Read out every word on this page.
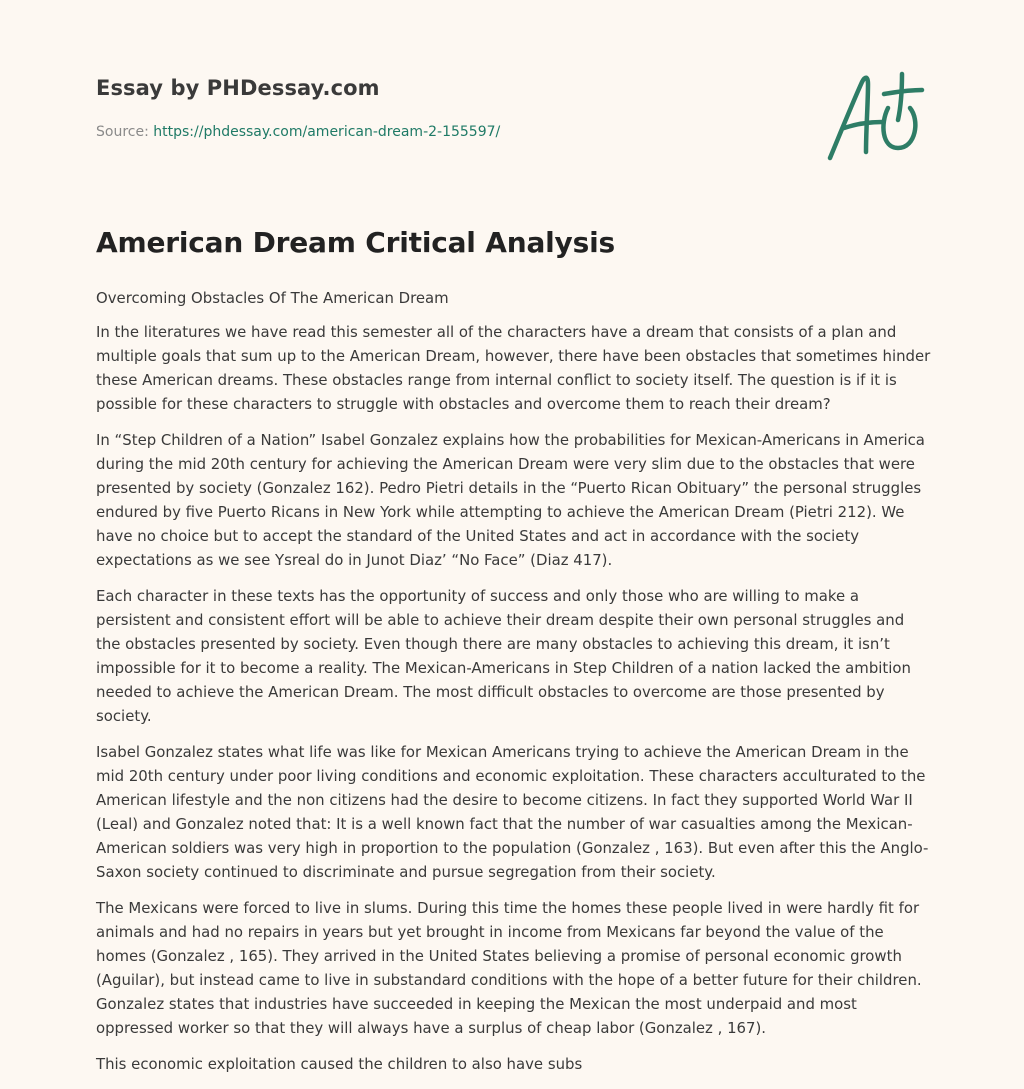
Essay by PHDessay.com
Source: https://phdessay.com/american-dream-2-155597/
American Dream Critical Analysis

Overcoming Obstacles Of The American Dream

In the literatures we have read this semester all of the characters have a dream that consists of a plan and multiple goals that sum up to the American Dream, however, there have been obstacles that sometimes hinder these American dreams. These obstacles range from internal conflict to society itself. The question is if it is possible for these characters to struggle with obstacles and overcome them to reach their dream?

In “Step Children of a Nation” Isabel Gonzalez explains how the probabilities for Mexican-Americans in America during the mid 20th century for achieving the American Dream were very slim due to the obstacles that were presented by society (Gonzalez 162). Pedro Pietri details in the “Puerto Rican Obituary” the personal struggles endured by five Puerto Ricans in New York while attempting to achieve the American Dream (Pietri 212). We have no choice but to accept the standard of the United States and act in accordance with the society expectations as we see Ysreal do in Junot Diaz’ “No Face” (Diaz 417).

Each character in these texts has the opportunity of success and only those who are willing to make a persistent and consistent effort will be able to achieve their dream despite their own personal struggles and the obstacles presented by society. Even though there are many obstacles to achieving this dream, it isn’t impossible for it to become a reality. The Mexican-Americans in Step Children of a nation lacked the ambition needed to achieve the American Dream. The most difficult obstacles to overcome are those presented by society.

Isabel Gonzalez states what life was like for Mexican Americans trying to achieve the American Dream in the mid 20th century under poor living conditions and economic exploitation. These characters acculturated to the American lifestyle and the non citizens had the desire to become citizens. In fact they supported World War II (Leal) and Gonzalez noted that: It is a well known fact that the number of war casualties among the Mexican-American soldiers was very high in proportion to the population (Gonzalez , 163). But even after this the Anglo-Saxon society continued to discriminate and pursue segregation from their society.

The Mexicans were forced to live in slums. During this time the homes these people lived in were hardly fit for animals and had no repairs in years but yet brought in income from Mexicans far beyond the value of the homes (Gonzalez , 165). They arrived in the United States believing a promise of personal economic growth (Aguilar), but instead came to live in substandard conditions with the hope of a better future for their children. Gonzalez states that industries have succeeded in keeping the Mexican the most underpaid and most oppressed worker so that they will always have a surplus of cheap labor (Gonzalez , 167).

This economic exploitation caused the children to also have subs
